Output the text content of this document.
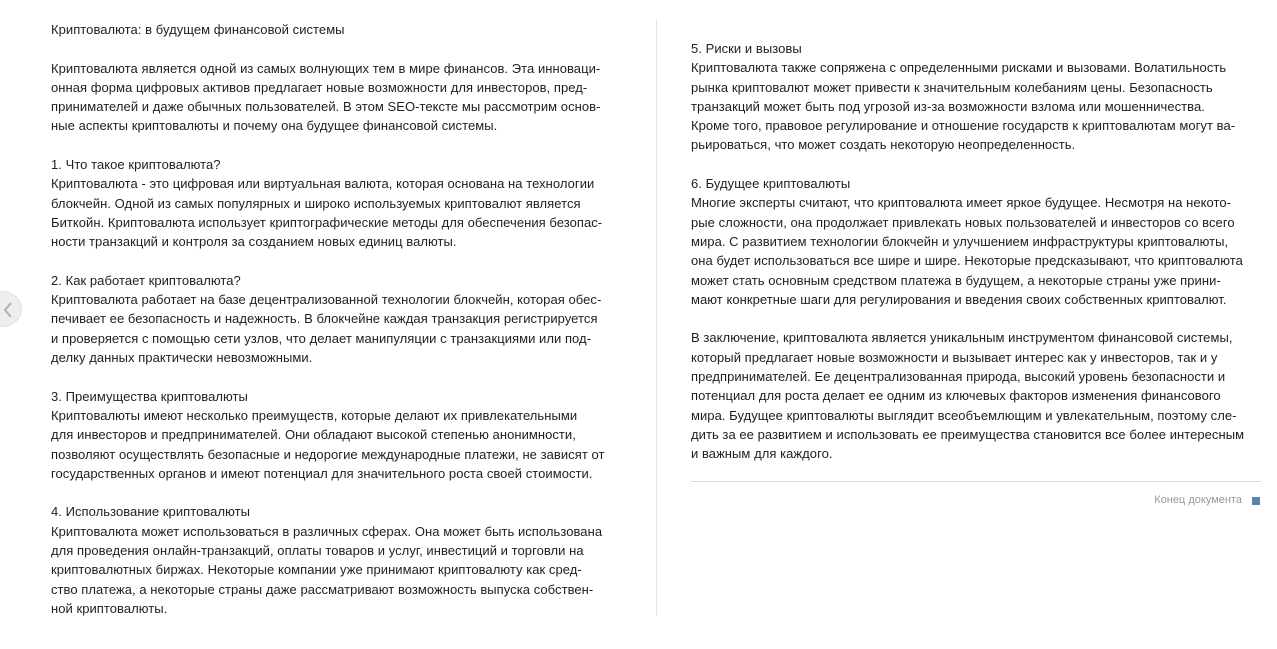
Криптовалюта: в будущем финансовой системы
Криптовалюта является одной из самых волнующих тем в мире финансов. Эта инноваци-
онная форма цифровых активов предлагает новые возможности для инвесторов, пред-
принимателей и даже обычных пользователей. В этом SEO-тексте мы рассмотрим основ-
ные аспекты криптовалюты и почему она будущее финансовой системы.
1. Что такое криптовалюта?
Криптовалюта - это цифровая или виртуальная валюта, которая основана на технологии
блокчейн. Одной из самых популярных и широко используемых криптовалют является
Биткойн. Криптовалюта использует криптографические методы для обеспечения безопас-
ности транзакций и контроля за созданием новых единиц валюты.
2. Как работает криптовалюта?
Криптовалюта работает на базе децентрализованной технологии блокчейн, которая обес-
печивает ее безопасность и надежность. В блокчейне каждая транзакция регистрируется
и проверяется с помощью сети узлов, что делает манипуляции с транзакциями или под-
делку данных практически невозможными.
3. Преимущества криптовалюты
Криптовалюты имеют несколько преимуществ, которые делают их привлекательными
для инвесторов и предпринимателей. Они обладают высокой степенью анонимности,
позволяют осуществлять безопасные и недорогие международные платежи, не зависят от
государственных органов и имеют потенциал для значительного роста своей стоимости.
4. Использование криптовалюты
Криптовалюта может использоваться в различных сферах. Она может быть использована
для проведения онлайн-транзакций, оплаты товаров и услуг, инвестиций и торговли на
криптовалютных биржах. Некоторые компании уже принимают криптовалюту как сред-
ство платежа, а некоторые страны даже рассматривают возможность выпуска собствен-
ной криптовалюты.
5. Риски и вызовы
Криптовалюта также сопряжена с определенными рисками и вызовами. Волатильность
рынка криптовалют может привести к значительным колебаниям цены. Безопасность
транзакций может быть под угрозой из-за возможности взлома или мошенничества.
Кроме того, правовое регулирование и отношение государств к криптовалютам могут ва-
рьироваться, что может создать некоторую неопределенность.
6. Будущее криптовалюты
Многие эксперты считают, что криптовалюта имеет яркое будущее. Несмотря на некото-
рые сложности, она продолжает привлекать новых пользователей и инвесторов со всего
мира. С развитием технологии блокчейн и улучшением инфраструктуры криптовалюты,
она будет использоваться все шире и шире. Некоторые предсказывают, что криптовалюта
может стать основным средством платежа в будущем, а некоторые страны уже прини-
мают конкретные шаги для регулирования и введения своих собственных криптовалют.
В заключение, криптовалюта является уникальным инструментом финансовой системы,
который предлагает новые возможности и вызывает интерес как у инвесторов, так и у
предпринимателей. Ее децентрализованная природа, высокий уровень безопасности и
потенциал для роста делает ее одним из ключевых факторов изменения финансового
мира. Будущее криптовалюты выглядит всеобъемлющим и увлекательным, поэтому сле-
дить за ее развитием и использовать ее преимущества становится все более интересным
и важным для каждого.
Конец документа
